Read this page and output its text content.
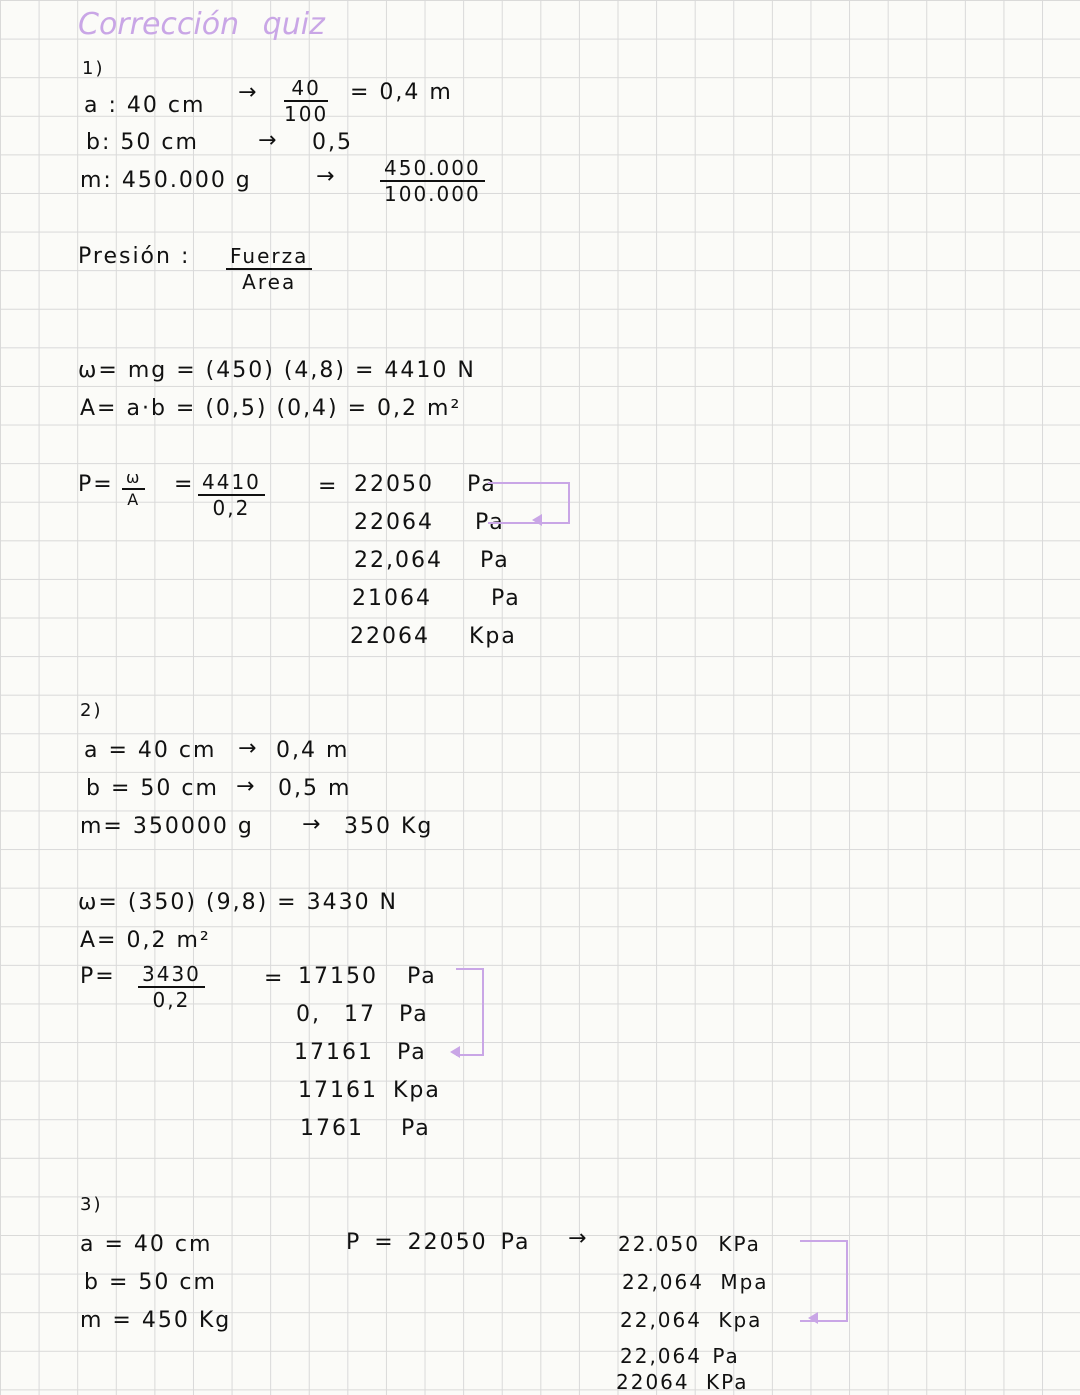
Corrección quiz
1)
a : 40 cm
→ $\frac{40}{100} = 0,4$ m
b: 50 cm	→ 0,5
m: 450.000 g	→ $\frac{450.000}{100.000}$
Presión : Fuerza
Area
ω= mg = (450) (4,8) = 4410 N
A= a·b = (0,5) (0,4) = 0,2 m²
$P= \frac{\omega}{A} = \frac{4410}{0,2} = 22050$ Pa
22064 Pa
22,064 Pa
21064 Pa
22064 Kpa
2)
a = 40 cm → 0,4 m
b = 50 cm → 0,5 m
m= 350000 g → 350 Kg
ω= (350) (9,8) = 3430 N
A= 0,2 m²
$P= \frac{3430}{0,2}$	= 17150 Pa
0, 17 Pa
17161 Pa
17161 Kpa
1761 Pa
3)
a = 40 cm
b = 50 cm
m = 450 Kg
P = 22050 Pa → 22.050 KPa
22,064 Mpa
22,064 Kpa
22,064 Pa
22064 KPa
